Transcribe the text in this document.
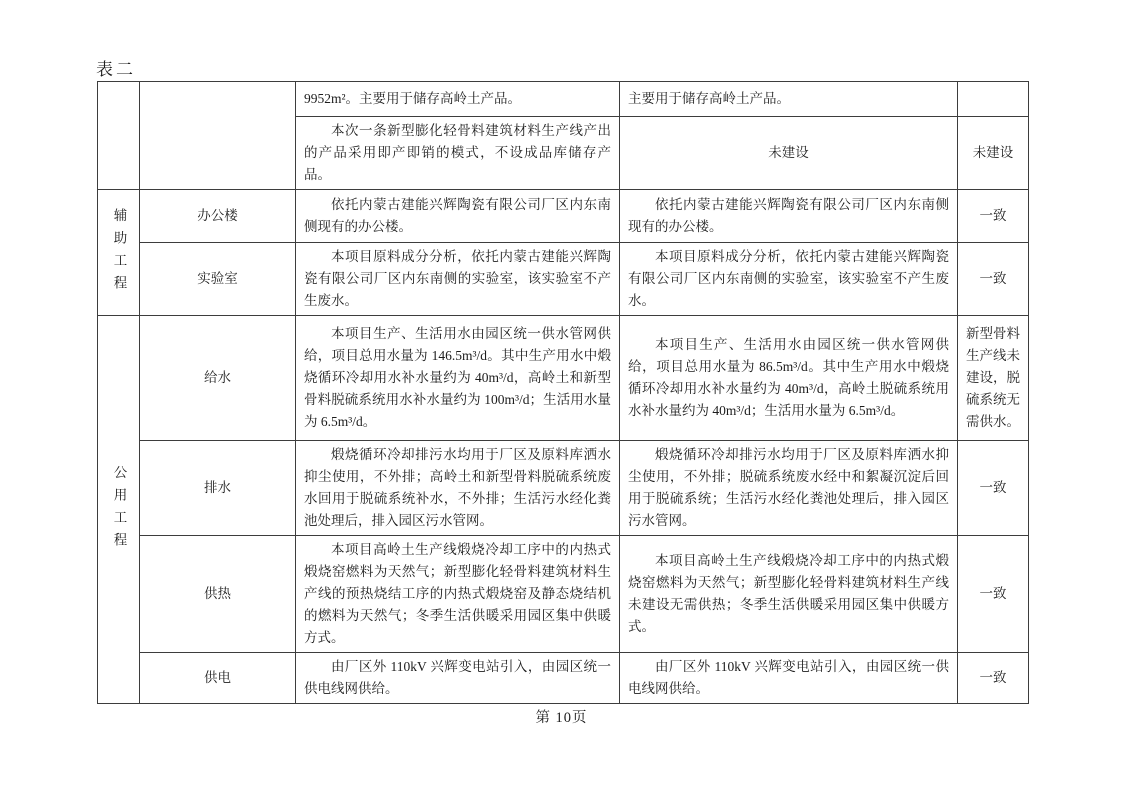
表二
		9952m²。主要用于储存高岭土产品。	主要用于储存高岭土产品。	
		本次一条新型膨化轻骨料建筑材料生产线产出的产品采用即产即销的模式，不设成品库储存产品。	未建设	未建设
辅助工程	办公楼	依托内蒙古建能兴辉陶瓷有限公司厂区内东南侧现有的办公楼。	依托内蒙古建能兴辉陶瓷有限公司厂区内东南侧现有的办公楼。	一致
	实验室	本项目原料成分分析，依托内蒙古建能兴辉陶瓷有限公司厂区内东南侧的实验室，该实验室不产生废水。	本项目原料成分分析，依托内蒙古建能兴辉陶瓷有限公司厂区内东南侧的实验室，该实验室不产生废水。	一致
公用工程	给水	本项目生产、生活用水由园区统一供水管网供给，项目总用水量为 146.5m³/d。其中生产用水中煅烧循环冷却用水补水量约为 40m³/d，高岭土和新型骨料脱硫系统用水补水量约为 100m³/d；生活用水量为 6.5m³/d。	本项目生产、生活用水由园区统一供水管网供给，项目总用水量为 86.5m³/d。其中生产用水中煅烧循环冷却用水补水量约为 40m³/d，高岭土脱硫系统用水补水量约为 40m³/d；生活用水量为 6.5m³/d。	新型骨料生产线未建设，脱硫系统无需供水。
	排水	煅烧循环冷却排污水均用于厂区及原料库洒水抑尘使用，不外排；高岭土和新型骨料脱硫系统废水回用于脱硫系统补水，不外排；生活污水经化粪池处理后，排入园区污水管网。	煅烧循环冷却排污水均用于厂区及原料库洒水抑尘使用，不外排；脱硫系统废水经中和絮凝沉淀后回用于脱硫系统；生活污水经化粪池处理后，排入园区污水管网。	一致
	供热	本项目高岭土生产线煅烧冷却工序中的内热式煅烧窑燃料为天然气；新型膨化轻骨料建筑材料生产线的预热烧结工序的内热式煅烧窑及静态烧结机的燃料为天然气；冬季生活供暖采用园区集中供暖方式。	本项目高岭土生产线煅烧冷却工序中的内热式煅烧窑燃料为天然气；新型膨化轻骨料建筑材料生产线未建设无需供热；冬季生活供暖采用园区集中供暖方式。	一致
	供电	由厂区外 110kV 兴辉变电站引入，由园区统一供电线网供给。	由厂区外 110kV 兴辉变电站引入，由园区统一供电线网供给。	一致
第 10页
